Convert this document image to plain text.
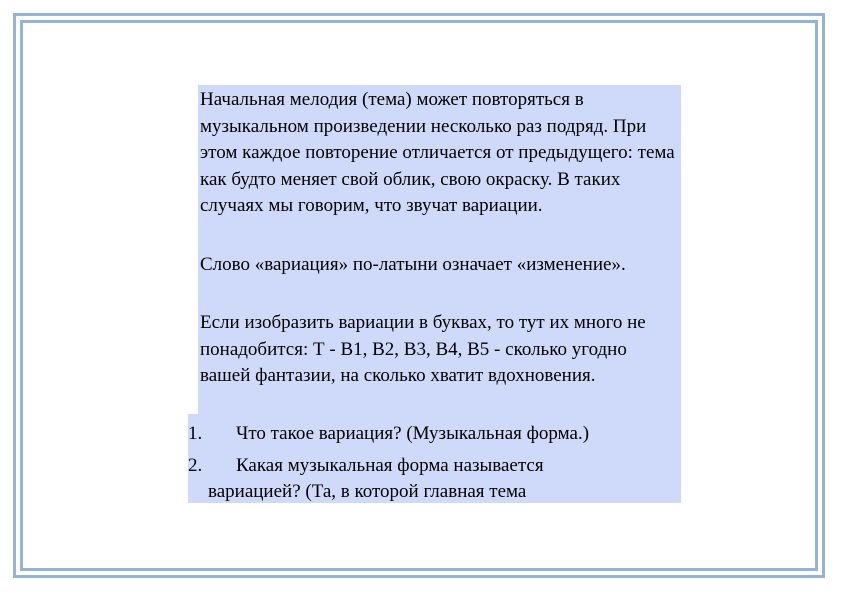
Начальная мелодия (тема) может повторяться в музыкальном произведении несколько раз подряд. При этом каждое повторение отличается от предыдущего: тема как будто меняет свой облик, свою окраску. В таких случаях мы говорим, что звучат вариации.

Слово «вариация» по-латыни означает «изменение».

Если изобразить вариации в буквах, то тут их много не понадобится: Т - В1, В2, В3, В4, В5 - сколько угодно вашей фантазии, на сколько хватит вдохновения.

1. Что такое вариация? (Музыкальная форма.)
2. Какая музыкальная форма называется
вариацией? (Та, в которой главная тема
